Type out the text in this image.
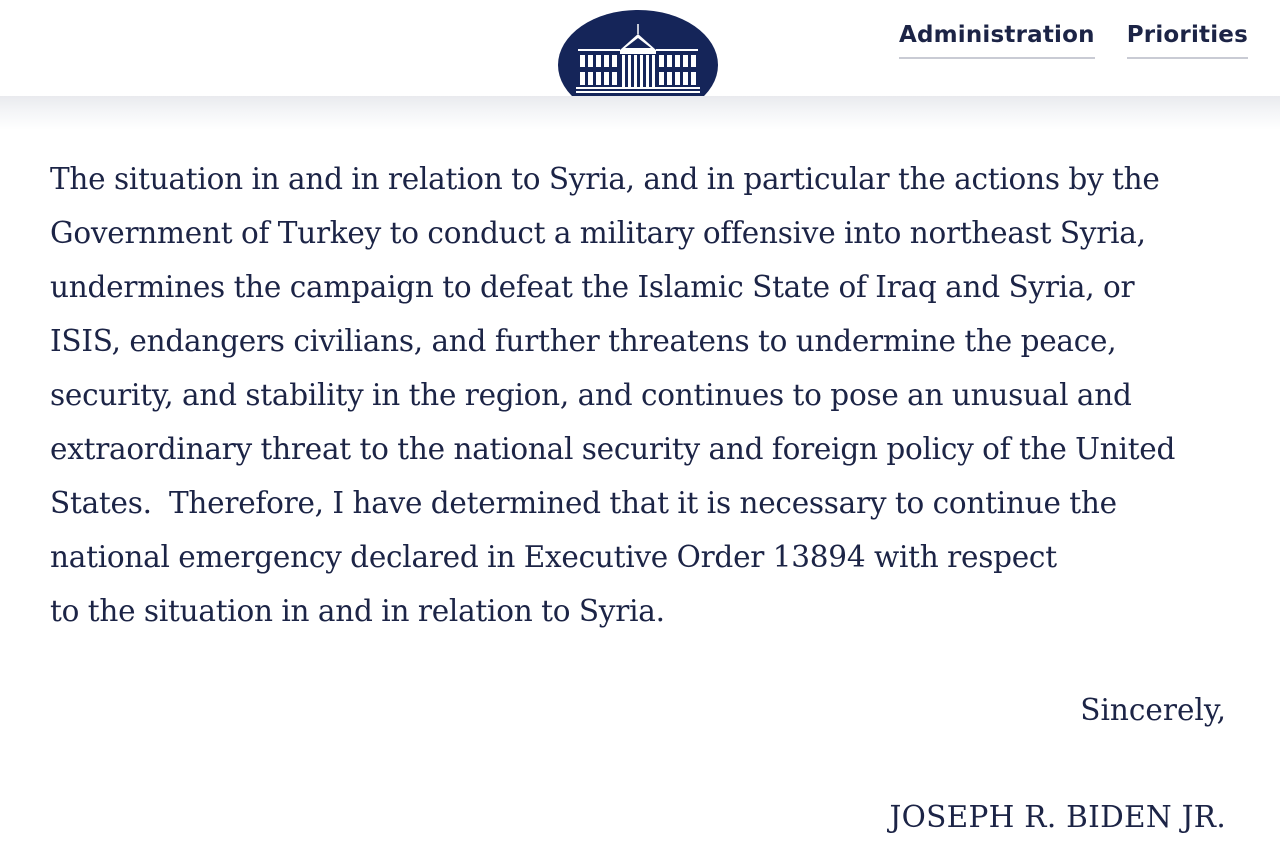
Administration Priorities
The situation in and in relation to Syria, and in particular the actions by the
Government of Turkey to conduct a military offensive into northeast Syria,
undermines the campaign to defeat the Islamic State of Iraq and Syria, or
ISIS, endangers civilians, and further threatens to undermine the peace,
security, and stability in the region, and continues to pose an unusual and
extraordinary threat to the national security and foreign policy of the United
States.  Therefore, I have determined that it is necessary to continue the
national emergency declared in Executive Order 13894 with respect
to the situation in and in relation to Syria.
Sincerely,
JOSEPH R. BIDEN JR.
